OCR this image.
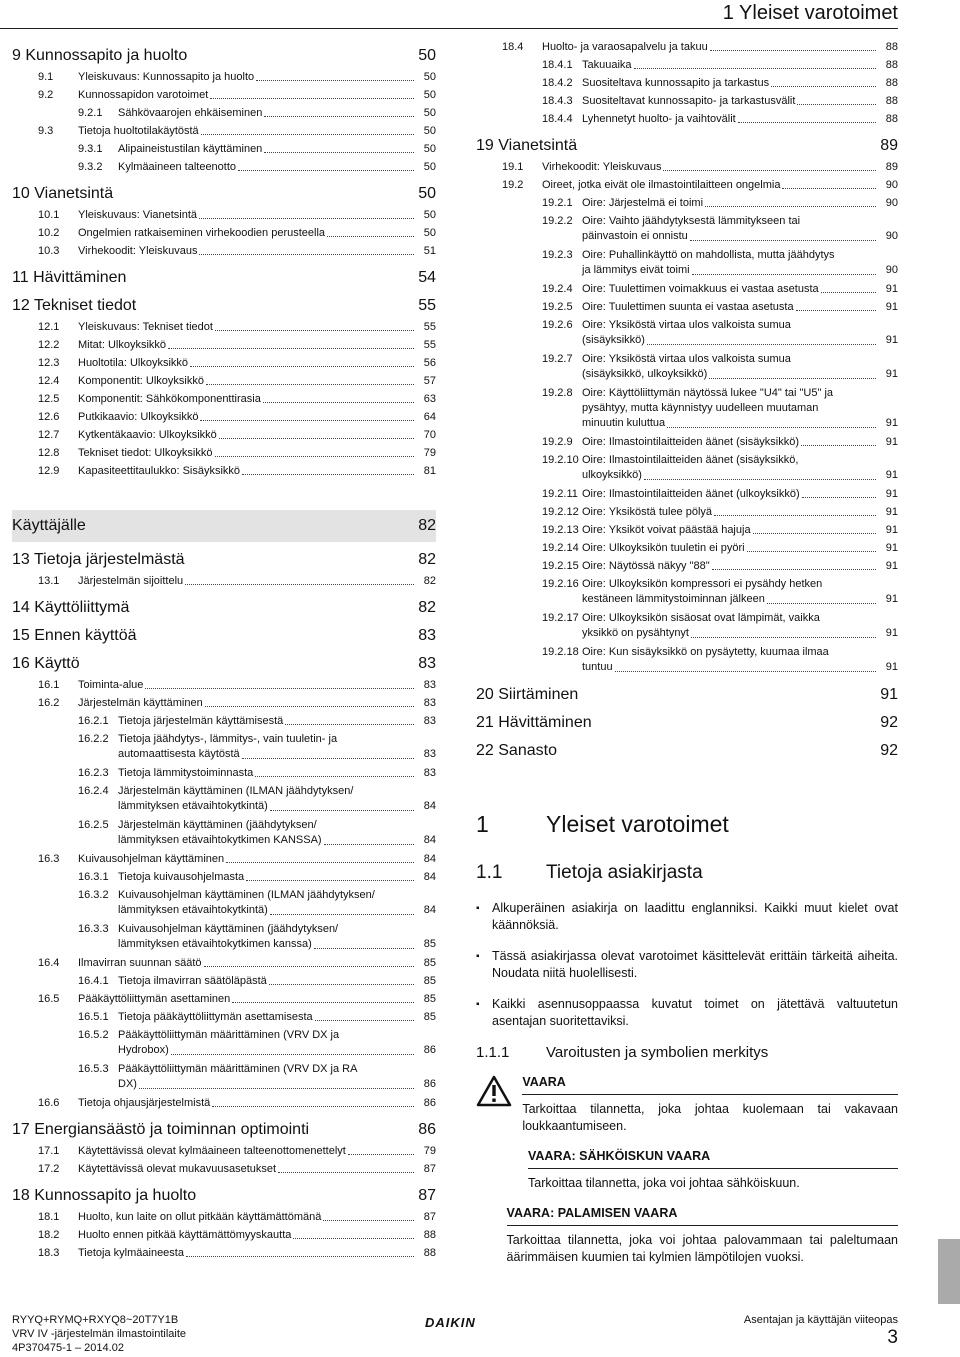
1 Yleiset varotoimet
9 Kunnossapito ja huolto	50
9.1	Yleiskuvaus: Kunnossapito ja huolto	50
9.2	Kunnossapidon varotoimet	50
9.2.1	Sähkövaarojen ehkäiseminen	50
9.3	Tietoja huoltotilakäytöstä	50
9.3.1	Alipaineistustilan käyttäminen	50
9.3.2	Kylmäaineen talteenotto	50
10 Vianetsintä	50
10.1	Yleiskuvaus: Vianetsintä	50
10.2	Ongelmien ratkaiseminen virhekoodien perusteella	50
10.3	Virhekoodit: Yleiskuvaus	51
11 Hävittäminen	54
12 Tekniset tiedot	55
12.1	Yleiskuvaus: Tekniset tiedot	55
12.2	Mitat: Ulkoyksikkö	55
12.3	Huoltotila: Ulkoyksikkö	56
12.4	Komponentit: Ulkoyksikkö	57
12.5	Komponentit: Sähkökomponenttirasia	63
12.6	Putkikaavio: Ulkoyksikkö	64
12.7	Kytkentäkaavio: Ulkoyksikkö	70
12.8	Tekniset tiedot: Ulkoyksikkö	79
12.9	Kapasiteettitaulukko: Sisäyksikkö	81
Käyttäjälle	82
13 Tietoja järjestelmästä	82
13.1	Järjestelmän sijoittelu	82
14 Käyttöliittymä	82
15 Ennen käyttöä	83
16 Käyttö	83
16.1	Toiminta-alue	83
16.2	Järjestelmän käyttäminen	83
16.2.1 Tietoja järjestelmän käyttämisestä	83
16.2.2 Tietoja jäähdytys-, lämmitys-, vain tuuletin- ja
automaattisesta käytöstä	83
16.2.3 Tietoja lämmitystoiminnasta	83
16.2.4 Järjestelmän käyttäminen (ILMAN jäähdytyksen/
lämmityksen etävaihtokytkintä)	84
16.2.5 Järjestelmän käyttäminen (jäähdytyksen/
lämmityksen etävaihtokytkimen KANSSA)	84
16.3	Kuivausohjelman käyttäminen	84
16.3.1 Tietoja kuivausohjelmasta	84
16.3.2 Kuivausohjelman käyttäminen (ILMAN jäähdytyksen/
lämmityksen etävaihtokytkintä)	84
16.3.3 Kuivausohjelman käyttäminen (jäähdytyksen/
lämmityksen etävaihtokytkimen kanssa)	85
16.4	Ilmavirran suunnan säätö	85
16.4.1 Tietoja ilmavirran säätöläpästä	85
16.5	Pääkäyttöliittymän asettaminen	85
16.5.1 Tietoja pääkäyttöliittymän asettamisesta	85
16.5.2 Pääkäyttöliittymän määrittäminen (VRV DX ja
Hydrobox)	86
16.5.3 Pääkäyttöliittymän määrittäminen (VRV DX ja RA
DX)	86
16.6	Tietoja ohjausjärjestelmistä	86
17 Energiansäästö ja toiminnan optimointi	86
17.1	Käytettävissä olevat kylmäaineen talteenottomenettelyt	79
17.2	Käytettävissä olevat mukavuusasetukset	87
18 Kunnossapito ja huolto	87
18.1	Huolto, kun laite on ollut pitkään käyttämättömänä	87
18.2	Huolto ennen pitkää käyttämättömyyskautta	88
18.3	Tietoja kylmäaineesta	88
18.4	Huolto- ja varaosapalvelu ja takuu	88
18.4.1 Takuuaika	88
18.4.2 Suositeltava kunnossapito ja tarkastus	88
18.4.3 Suositeltavat kunnossapito- ja tarkastusvälit	88
18.4.4 Lyhennetyt huolto- ja vaihtovälit	88
19 Vianetsintä	89
19.1	Virhekoodit: Yleiskuvaus	89
19.2	Oireet, jotka eivät ole ilmastointilaitteen ongelmia	90
19.2.1 Oire: Järjestelmä ei toimi	90
19.2.2 Oire: Vaihto jäähdytyksestä lämmitykseen tai
päinvastoin ei onnistu	90
19.2.3 Oire: Puhallinkäyttö on mahdollista, mutta jäähdytys
ja lämmitys eivät toimi	90
19.2.4 Oire: Tuulettimen voimakkuus ei vastaa asetusta	91
19.2.5 Oire: Tuulettimen suunta ei vastaa asetusta	91
19.2.6 Oire: Yksiköstä virtaa ulos valkoista sumua
(sisäyksikkö)	91
19.2.7 Oire: Yksiköstä virtaa ulos valkoista sumua
(sisäyksikkö, ulkoyksikkö)	91
19.2.8 Oire: Käyttöliittymän näytössä lukee "U4" tai "U5" ja
pysähtyy, mutta käynnistyy uudelleen muutaman
minuutin kuluttua	91
19.2.9 Oire: Ilmastointilaitteiden äänet (sisäyksikkö)	91
19.2.10 Oire: Ilmastointilaitteiden äänet (sisäyksikkö,
ulkoyksikkö)	91
19.2.11 Oire: Ilmastointilaitteiden äänet (ulkoyksikkö)	91
19.2.12 Oire: Yksiköstä tulee pölyä	91
19.2.13 Oire: Yksiköt voivat päästää hajuja	91
19.2.14 Oire: Ulkoyksikön tuuletin ei pyöri	91
19.2.15 Oire: Näytössä näkyy "88"	91
19.2.16 Oire: Ulkoyksikön kompressori ei pysähdy hetken
kestäneen lämmitystoiminnan jälkeen	91
19.2.17 Oire: Ulkoyksikön sisäosat ovat lämpimät, vaikka
yksikkö on pysähtynyt	91
19.2.18 Oire: Kun sisäyksikkö on pysäytetty, kuumaa ilmaa
tuntuu	91
20 Siirtäminen	91
21 Hävittäminen	92
22 Sanasto	92
1	Yleiset varotoimet
1.1	Tietoja asiakirjasta
▪ Alkuperäinen asiakirja on laadittu englanniksi. Kaikki muut kielet ovat käännöksiä.
▪ Tässä asiakirjassa olevat varotoimet käsittelevät erittäin tärkeitä aiheita. Noudata niitä huolellisesti.
▪ Kaikki asennusoppaassa kuvatut toimet on jätettävä valtuutetun asentajan suoritettaviksi.
1.1.1	Varoitusten ja symbolien merkitys
VAARA
Tarkoittaa tilannetta, joka johtaa kuolemaan tai vakavaan loukkaantumiseen.
VAARA: SÄHKÖISKUN VAARA
Tarkoittaa tilannetta, joka voi johtaa sähköiskuun.
VAARA: PALAMISEN VAARA
Tarkoittaa tilannetta, joka voi johtaa palovammaan tai paleltumaan äärimmäisen kuumien tai kylmien lämpötilojen vuoksi.
RYYQ+RYMQ+RXYQ8~20T7Y1B
VRV IV -järjestelmän ilmastointilaite
4P370475-1 – 2014.02
DAIKIN	Asentajan ja käyttäjän viiteopas
3
